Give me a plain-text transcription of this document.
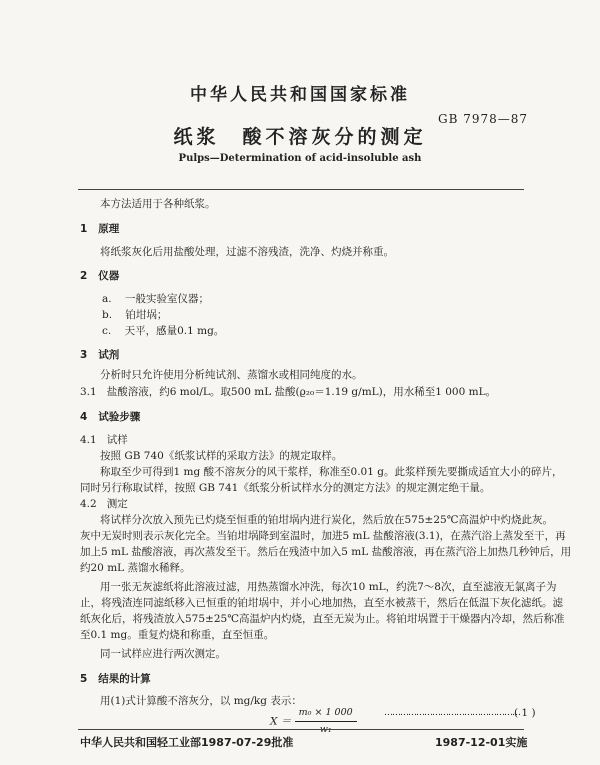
中华人民共和国国家标准
GB 7978—87
纸浆　酸不溶灰分的测定
Pulps—Determination of acid-insoluble ash
本方法适用于各种纸浆。
1 原理
将纸浆灰化后用盐酸处理，过滤不溶残渣，洗净、灼烧并称重。
2 仪器
a. 一般实验室仪器；
b. 铂坩埚；
c. 天平，感量0.1 mg。
3 试剂
分析时只允许使用分析纯试剂、蒸馏水或相同纯度的水。
3.1 盐酸溶液，约6 mol/L。取500 mL 盐酸(ϱ₂₀＝1.19 g/mL)，用水稀至1 000 mL。
4 试验步骤
4.1 试样
按照 GB 740《纸浆试样的采取方法》的规定取样。
称取至少可得到1 mg 酸不溶灰分的风干浆样，称准至0.01 g。此浆样预先要撕成适宜大小的碎片，
同时另行称取试样，按照 GB 741《纸浆分析试样水分的测定方法》的规定测定绝干量。
4.2 测定
将试样分次放入预先已灼烧至恒重的铂坩埚内进行炭化，然后放在575±25℃高温炉中灼烧此灰。
灰中无炭时则表示灰化完全。当铂坩埚降到室温时，加进5 mL 盐酸溶液(3.1)，在蒸汽浴上蒸发至干，再
加上5 mL 盐酸溶液，再次蒸发至干。然后在残渣中加入5 mL 盐酸溶液，再在蒸汽浴上加热几秒钟后，用
约20 mL 蒸馏水稀释。
用一张无灰滤纸将此溶液过滤，用热蒸馏水冲洗，每次10 mL，约洗7～8次，直至滤液无氯离子为
止，将残渣连同滤纸移入已恒重的铂坩埚中，并小心地加热，直至水被蒸干，然后在低温下灰化滤纸。滤
纸灰化后，将残渣放入575±25℃高温炉内灼烧，直至无炭为止。将铂坩埚置于干燥器内冷却，然后称准
至0.1 mg。重复灼烧和称重，直至恒重。
同一试样应进行两次测定。
5 结果的计算
用(1)式计算酸不溶灰分，以 mg/kg 表示：
X ＝
m₀ × 1 000	……………………………………………
( 1 )
中华人民共和国轻工业部1987-07-29批准	1987-12-01实施
